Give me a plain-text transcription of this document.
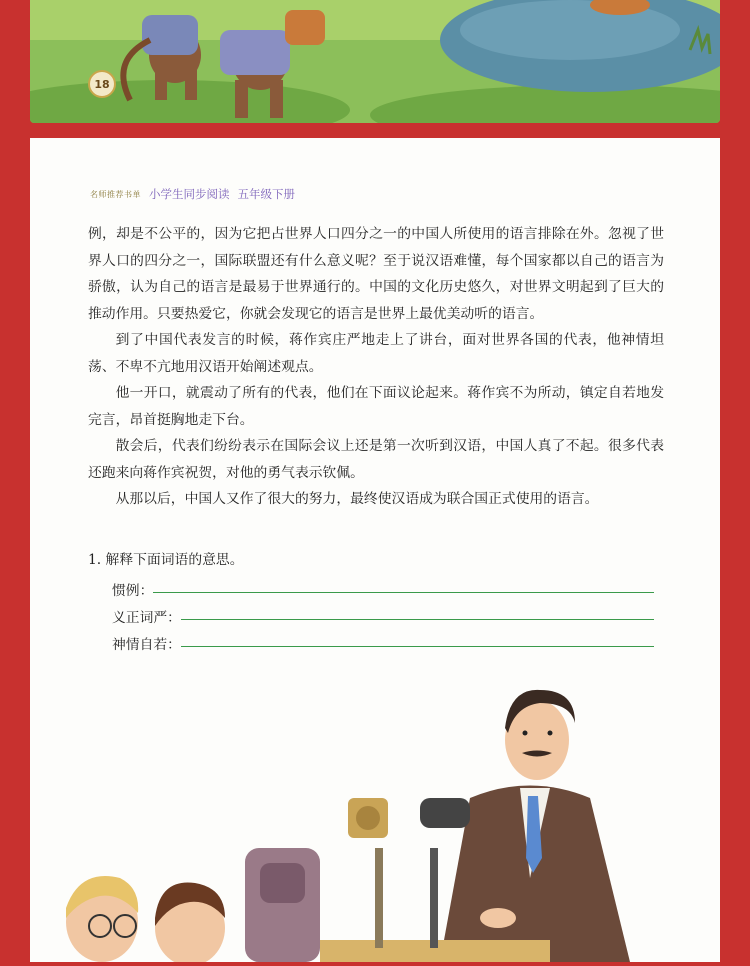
18
名师推荐书单 小学生同步阅读 五年级下册

例，却是不公平的，因为它把占世界人口四分之一的中国人所使用的语言排除在外。忽视了世界人口的四分之一，国际联盟还有什么意义呢？至于说汉语难懂，每个国家都以自己的语言为骄傲，认为自己的语言是最易于世界通行的。中国的文化历史悠久，对世界文明起到了巨大的推动作用。只要热爱它，你就会发现它的语言是世界上最优美动听的语言。

到了中国代表发言的时候，蒋作宾庄严地走上了讲台，面对世界各国的代表，他神情坦荡、不卑不亢地用汉语开始阐述观点。

他一开口，就震动了所有的代表，他们在下面议论起来。蒋作宾不为所动，镇定自若地发完言，昂首挺胸地走下台。

散会后，代表们纷纷表示在国际会议上还是第一次听到汉语，中国人真了不起。很多代表还跑来向蒋作宾祝贺，对他的勇气表示钦佩。

从那以后，中国人又作了很大的努力，最终使汉语成为联合国正式使用的语言。

1. 解释下面词语的意思。

惯例：
义正词严：
神情自若：
